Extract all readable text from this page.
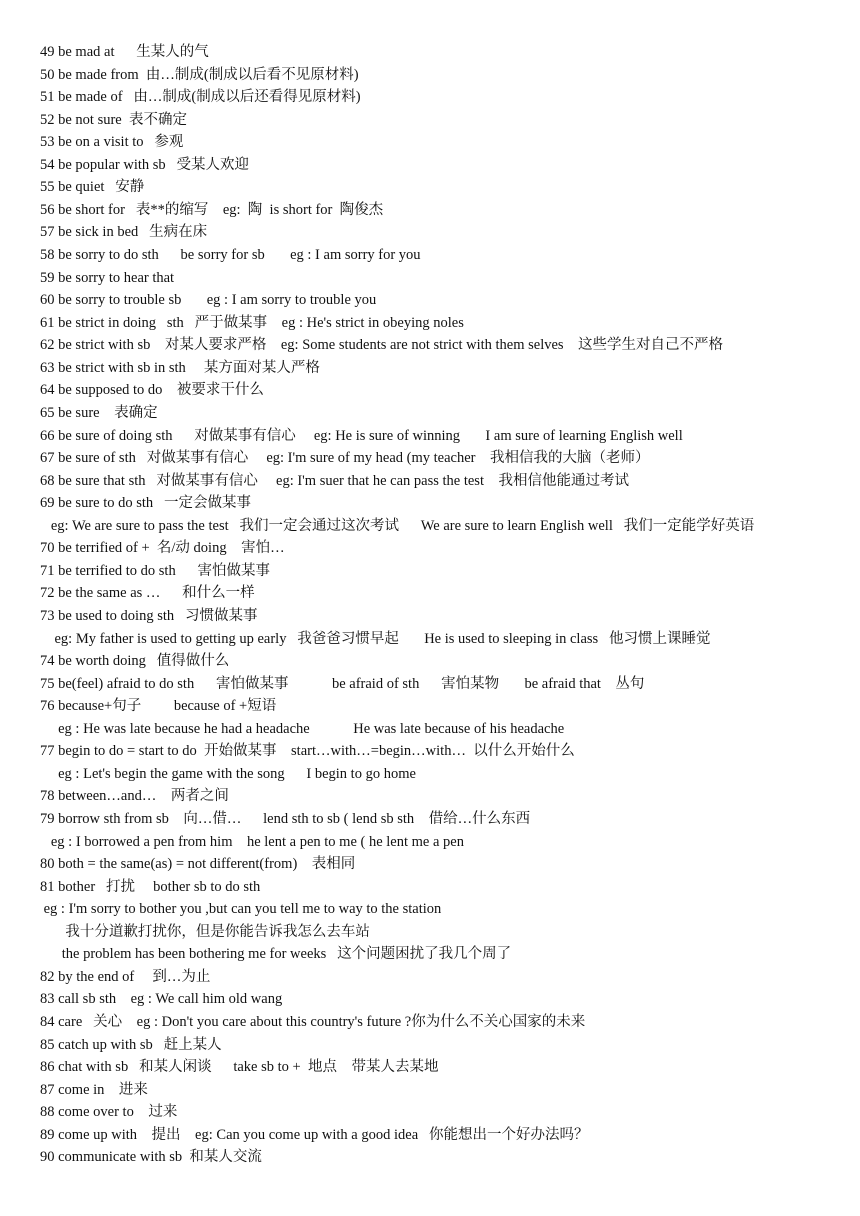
49 be mad at      生某人的气
50 be made from  由…制成(制成以后看不见原材料)
51 be made of   由…制成(制成以后还看得见原材料)
52 be not sure  表不确定
53 be on a visit to   参观
54 be popular with sb   受某人欢迎
55 be quiet   安静
56 be short for   表**的缩写    eg:  陶  is short for  陶俊杰
57 be sick in bed   生病在床
58 be sorry to do sth      be sorry for sb       eg : I am sorry for you
59 be sorry to hear that
60 be sorry to trouble sb       eg : I am sorry to trouble you
61 be strict in doing   sth   严于做某事    eg : He's strict in obeying noles
62 be strict with sb    对某人要求严格    eg: Some students are not strict with them selves    这些学生对自己不严格
63 be strict with sb in sth     某方面对某人严格
64 be supposed to do    被要求干什么
65 be sure    表确定
66 be sure of doing sth      对做某事有信心     eg: He is sure of winning       I am sure of learning English well
67 be sure of sth   对做某事有信心     eg: I'm sure of my head (my teacher    我相信我的大脑（老师）
68 be sure that sth   对做某事有信心     eg: I'm suer that he can pass the test    我相信他能通过考试
69 be sure to do sth   一定会做某事
eg: We are sure to pass the test   我们一定会通过这次考试      We are sure to learn English well   我们一定能学好英语
70 be terrified of +  名/动 doing    害怕…
71 be terrified to do sth      害怕做某事
72 be the same as …      和什么一样
73 be used to doing sth   习惯做某事
eg: My father is used to getting up early   我爸爸习惯早起       He is used to sleeping in class   他习惯上课睡觉
74 be worth doing   值得做什么
75 be(feel) afraid to do sth      害怕做某事            be afraid of sth      害怕某物       be afraid that    丛句
76 because+句子         because of +短语
eg : He was late because he had a headache            He was late because of his headache
77 begin to do = start to do  开始做某事    start…with…=begin…with…  以什么开始什么
eg : Let's begin the game with the song      I begin to go home
78 between…and…    两者之间
79 borrow sth from sb    向…借…      lend sth to sb ( lend sb sth    借给…什么东西
eg : I borrowed a pen from him    he lent a pen to me ( he lent me a pen
80 both = the same(as) = not different(from)    表相同
81 bother   打扰     bother sb to do sth
eg : I'm sorry to bother you ,but can you tell me to way to the station
我十分道歉打扰你，但是你能告诉我怎么去车站
the problem has been bothering me for weeks   这个问题困扰了我几个周了
82 by the end of     到…为止
83 call sb sth    eg : We call him old wang
84 care   关心    eg : Don't you care about this country's future ?你为什么不关心国家的未来
85 catch up with sb   赶上某人
86 chat with sb   和某人闲谈      take sb to +  地点    带某人去某地
87 come in    进来
88 come over to    过来
89 come up with    提出    eg: Can you come up with a good idea   你能想出一个好办法吗？
90 communicate with sb  和某人交流
